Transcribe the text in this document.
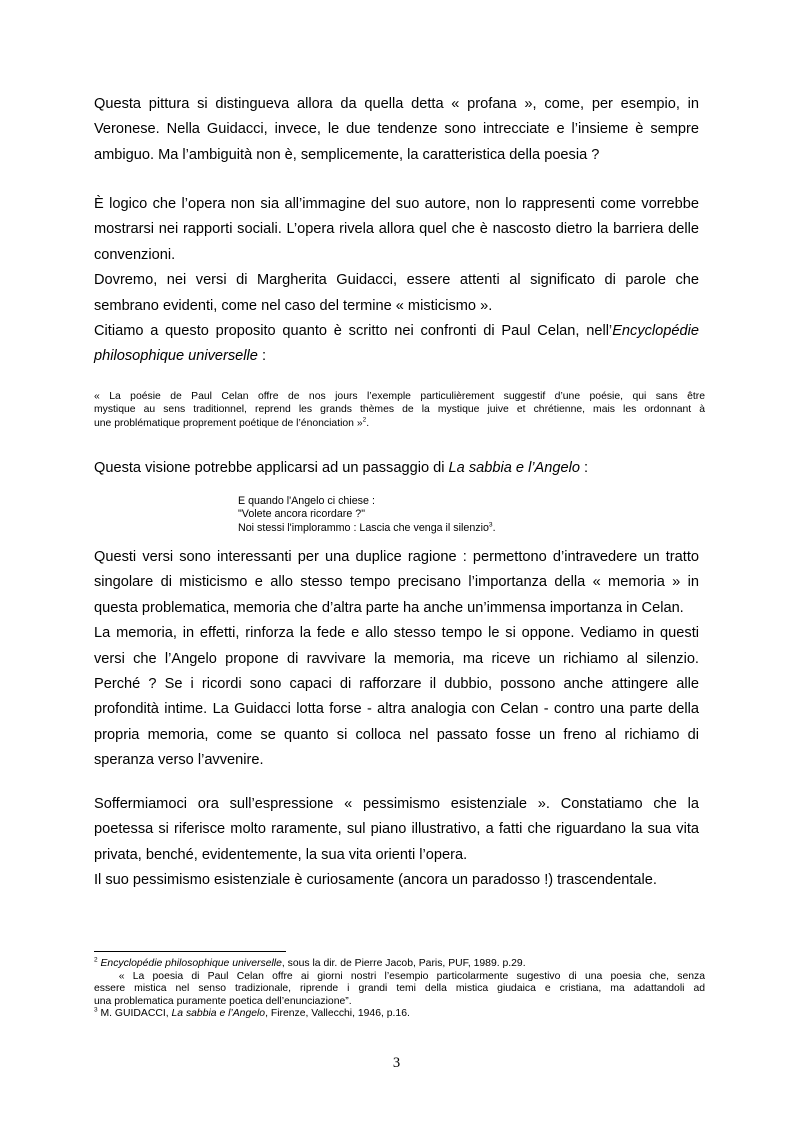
Questa pittura si distingueva allora da quella detta « profana », come, per esempio, in
Veronese. Nella Guidacci, invece, le due tendenze sono intrecciate e l’insieme è sempre
ambiguo. Ma l’ambiguità non è, semplicemente, la caratteristica della poesia ?
È logico che l’opera non sia all’immagine del suo autore, non lo rappresenti come vorrebbe
mostrarsi nei rapporti sociali. L’opera rivela allora quel che è nascosto dietro la barriera delle
convenzioni.
Dovremo, nei versi di Margherita Guidacci, essere attenti al significato di parole che
sembrano evidenti, come nel caso del termine « misticismo ».
Citiamo a questo proposito quanto è scritto nei confronti di Paul Celan, nell’Encyclopédie
philosophique universelle :
« La poésie de Paul Celan offre de nos jours l’exemple particulièrement suggestif d’une poésie, qui sans être
mystique au sens traditionnel, reprend les grands thèmes de la mystique juive et chrétienne, mais les ordonnant à
une problématique proprement poétique de l’énonciation »$^2$.
Questa visione potrebbe applicarsi ad un passaggio di La sabbia e l’Angelo :
E quando l'Angelo ci chiese :
"Volete ancora ricordare ?"
Noi stessi l'implorammo : Lascia che venga il silenzio$^3$.
Questi versi sono interessanti per una duplice ragione : permettono d’intravedere un tratto
singolare di misticismo e allo stesso tempo precisano l’importanza della « memoria » in
questa problematica, memoria che d’altra parte ha anche un’immensa importanza in Celan.
La memoria, in effetti, rinforza la fede e allo stesso tempo le si oppone. Vediamo in questi
versi che l’Angelo propone di ravvivare la memoria, ma riceve un richiamo al silenzio.
Perché ? Se i ricordi sono capaci di rafforzare il dubbio, possono anche attingere alle
profondità intime. La Guidacci lotta forse - altra analogia con Celan - contro una parte della
propria memoria, come se quanto si colloca nel passato fosse un freno al richiamo di
speranza verso l’avvenire.
Soffermiamoci ora sull’espressione « pessimismo esistenziale ». Constatiamo che la
poetessa si riferisce molto raramente, sul piano illustrativo, a fatti che riguardano la sua vita
privata, benché, evidentemente, la sua vita orienti l’opera.
Il suo pessimismo esistenziale è curiosamente (ancora un paradosso !) trascendentale.
$^2$ Encyclopédie philosophique universelle, sous la dir. de Pierre Jacob, Paris, PUF, 1989. p.29.
« La poesia di Paul Celan offre ai giorni nostri l’esempio particolarmente sugestivo di una poesia che, senza
essere mistica nel senso tradizionale, riprende i grandi temi della mistica giudaica e cristiana, ma adattandoli ad
una problematica puramente poetica dell’enunciazione”.
$^3$ M. GUIDACCI, La sabbia e l’Angelo, Firenze, Vallecchi, 1946, p.16.
3
